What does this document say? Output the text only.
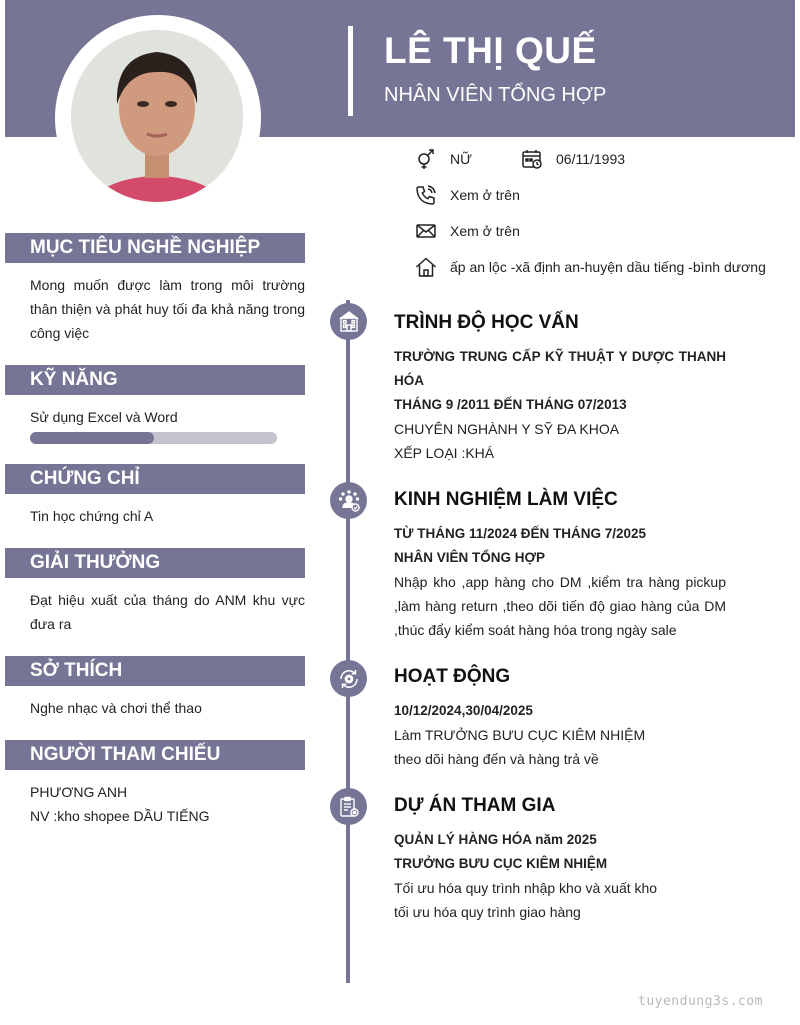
LÊ THỊ QUẾ
NHÂN VIÊN TỔNG HỢP
NỮ	06/11/1993
Xem ở trên
Xem ở trên
ấp an lộc -xã định an-huyện dầu tiếng -bình dương
MỤC TIÊU NGHỀ NGHIỆP
Mong muốn được làm trong môi trường thân thiện và phát huy tối đa khả năng trong công việc
KỸ NĂNG
Sử dụng Excel và Word
CHỨNG CHỈ
Tin học chứng chỉ A
GIẢI THƯỞNG
Đạt hiệu xuất của tháng do ANM khu vực đưa ra
SỞ THÍCH
Nghe nhạc và chơi thể thao
NGƯỜI THAM CHIẾU
PHƯƠNG ANH
NV :kho shopee DẦU TIẾNG
TRÌNH ĐỘ HỌC VẤN
TRƯỜNG TRUNG CẤP KỸ THUẬT Y DƯỢC THANH HÓA
THÁNG 9 /2011 ĐẾN THÁNG 07/2013
CHUYÊN NGHÀNH Y SỸ ĐA KHOA
XẾP LOẠI :KHÁ
KINH NGHIỆM LÀM VIỆC
TỪ THÁNG 11/2024 ĐẾN THÁNG 7/2025
NHÂN VIÊN TỔNG HỢP
Nhập kho ,app hàng cho DM ,kiểm tra hàng pickup ,làm hàng return ,theo dõi tiến độ giao hàng của DM ,thúc đẩy kiểm soát hàng hóa trong ngày sale
HOẠT ĐỘNG
10/12/2024,30/04/2025
Làm TRƯỞNG BƯU CỤC KIÊM NHIỆM
theo dõi hàng đến và hàng trả về
DỰ ÁN THAM GIA
QUẢN LÝ HÀNG HÓA năm 2025
TRƯỞNG BƯU CỤC KIÊM NHIỆM
Tối ưu hóa quy trình nhập kho và xuất kho
tối ưu hóa quy trình giao hàng
tuyendung3s.com
